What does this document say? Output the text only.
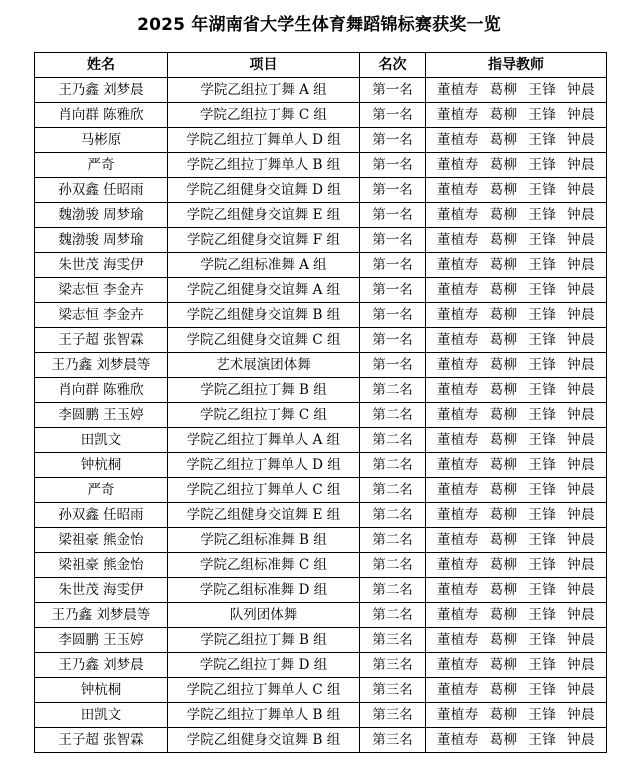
2025 年湖南省大学生体育舞蹈锦标赛获奖一览
姓名	项目	名次	指导教师
王乃鑫 刘梦晨	学院乙组拉丁舞 A 组	第一名	董植寿 葛柳 王锋 钟晨
肖向群 陈雅欣	学院乙组拉丁舞 C 组	第一名	董植寿 葛柳 王锋 钟晨
马彬原	学院乙组拉丁舞单人 D 组	第一名	董植寿 葛柳 王锋 钟晨
严奇	学院乙组拉丁舞单人 B 组	第一名	董植寿 葛柳 王锋 钟晨
孙双鑫 任昭雨	学院乙组健身交谊舞 D 组	第一名	董植寿 葛柳 王锋 钟晨
魏渤骏 周梦瑜	学院乙组健身交谊舞 E 组	第一名	董植寿 葛柳 王锋 钟晨
魏渤骏 周梦瑜	学院乙组健身交谊舞 F 组	第一名	董植寿 葛柳 王锋 钟晨
朱世茂 海雯伊	学院乙组标准舞 A 组	第一名	董植寿 葛柳 王锋 钟晨
梁志恒 李金卉	学院乙组健身交谊舞 A 组	第一名	董植寿 葛柳 王锋 钟晨
梁志恒 李金卉	学院乙组健身交谊舞 B 组	第一名	董植寿 葛柳 王锋 钟晨
王子超 张智霖	学院乙组健身交谊舞 C 组	第一名	董植寿 葛柳 王锋 钟晨
王乃鑫 刘梦晨等	艺术展演团体舞	第一名	董植寿 葛柳 王锋 钟晨
肖向群 陈雅欣	学院乙组拉丁舞 B 组	第二名	董植寿 葛柳 王锋 钟晨
李圆鹏 王玉婷	学院乙组拉丁舞 C 组	第二名	董植寿 葛柳 王锋 钟晨
田凯文	学院乙组拉丁舞单人 A 组	第二名	董植寿 葛柳 王锋 钟晨
钟杭桐	学院乙组拉丁舞单人 D 组	第二名	董植寿 葛柳 王锋 钟晨
严奇	学院乙组拉丁舞单人 C 组	第二名	董植寿 葛柳 王锋 钟晨
孙双鑫 任昭雨	学院乙组健身交谊舞 E 组	第二名	董植寿 葛柳 王锋 钟晨
梁祖豪 熊金怡	学院乙组标准舞 B 组	第二名	董植寿 葛柳 王锋 钟晨
梁祖豪 熊金怡	学院乙组标准舞 C 组	第二名	董植寿 葛柳 王锋 钟晨
朱世茂 海雯伊	学院乙组标准舞 D 组	第二名	董植寿 葛柳 王锋 钟晨
王乃鑫 刘梦晨等	队列团体舞	第二名	董植寿 葛柳 王锋 钟晨
李圆鹏 王玉婷	学院乙组拉丁舞 B 组	第三名	董植寿 葛柳 王锋 钟晨
王乃鑫 刘梦晨	学院乙组拉丁舞 D 组	第三名	董植寿 葛柳 王锋 钟晨
钟杭桐	学院乙组拉丁舞单人 C 组	第三名	董植寿 葛柳 王锋 钟晨
田凯文	学院乙组拉丁舞单人 B 组	第三名	董植寿 葛柳 王锋 钟晨
王子超 张智霖	学院乙组健身交谊舞 B 组	第三名	董植寿 葛柳 王锋 钟晨
